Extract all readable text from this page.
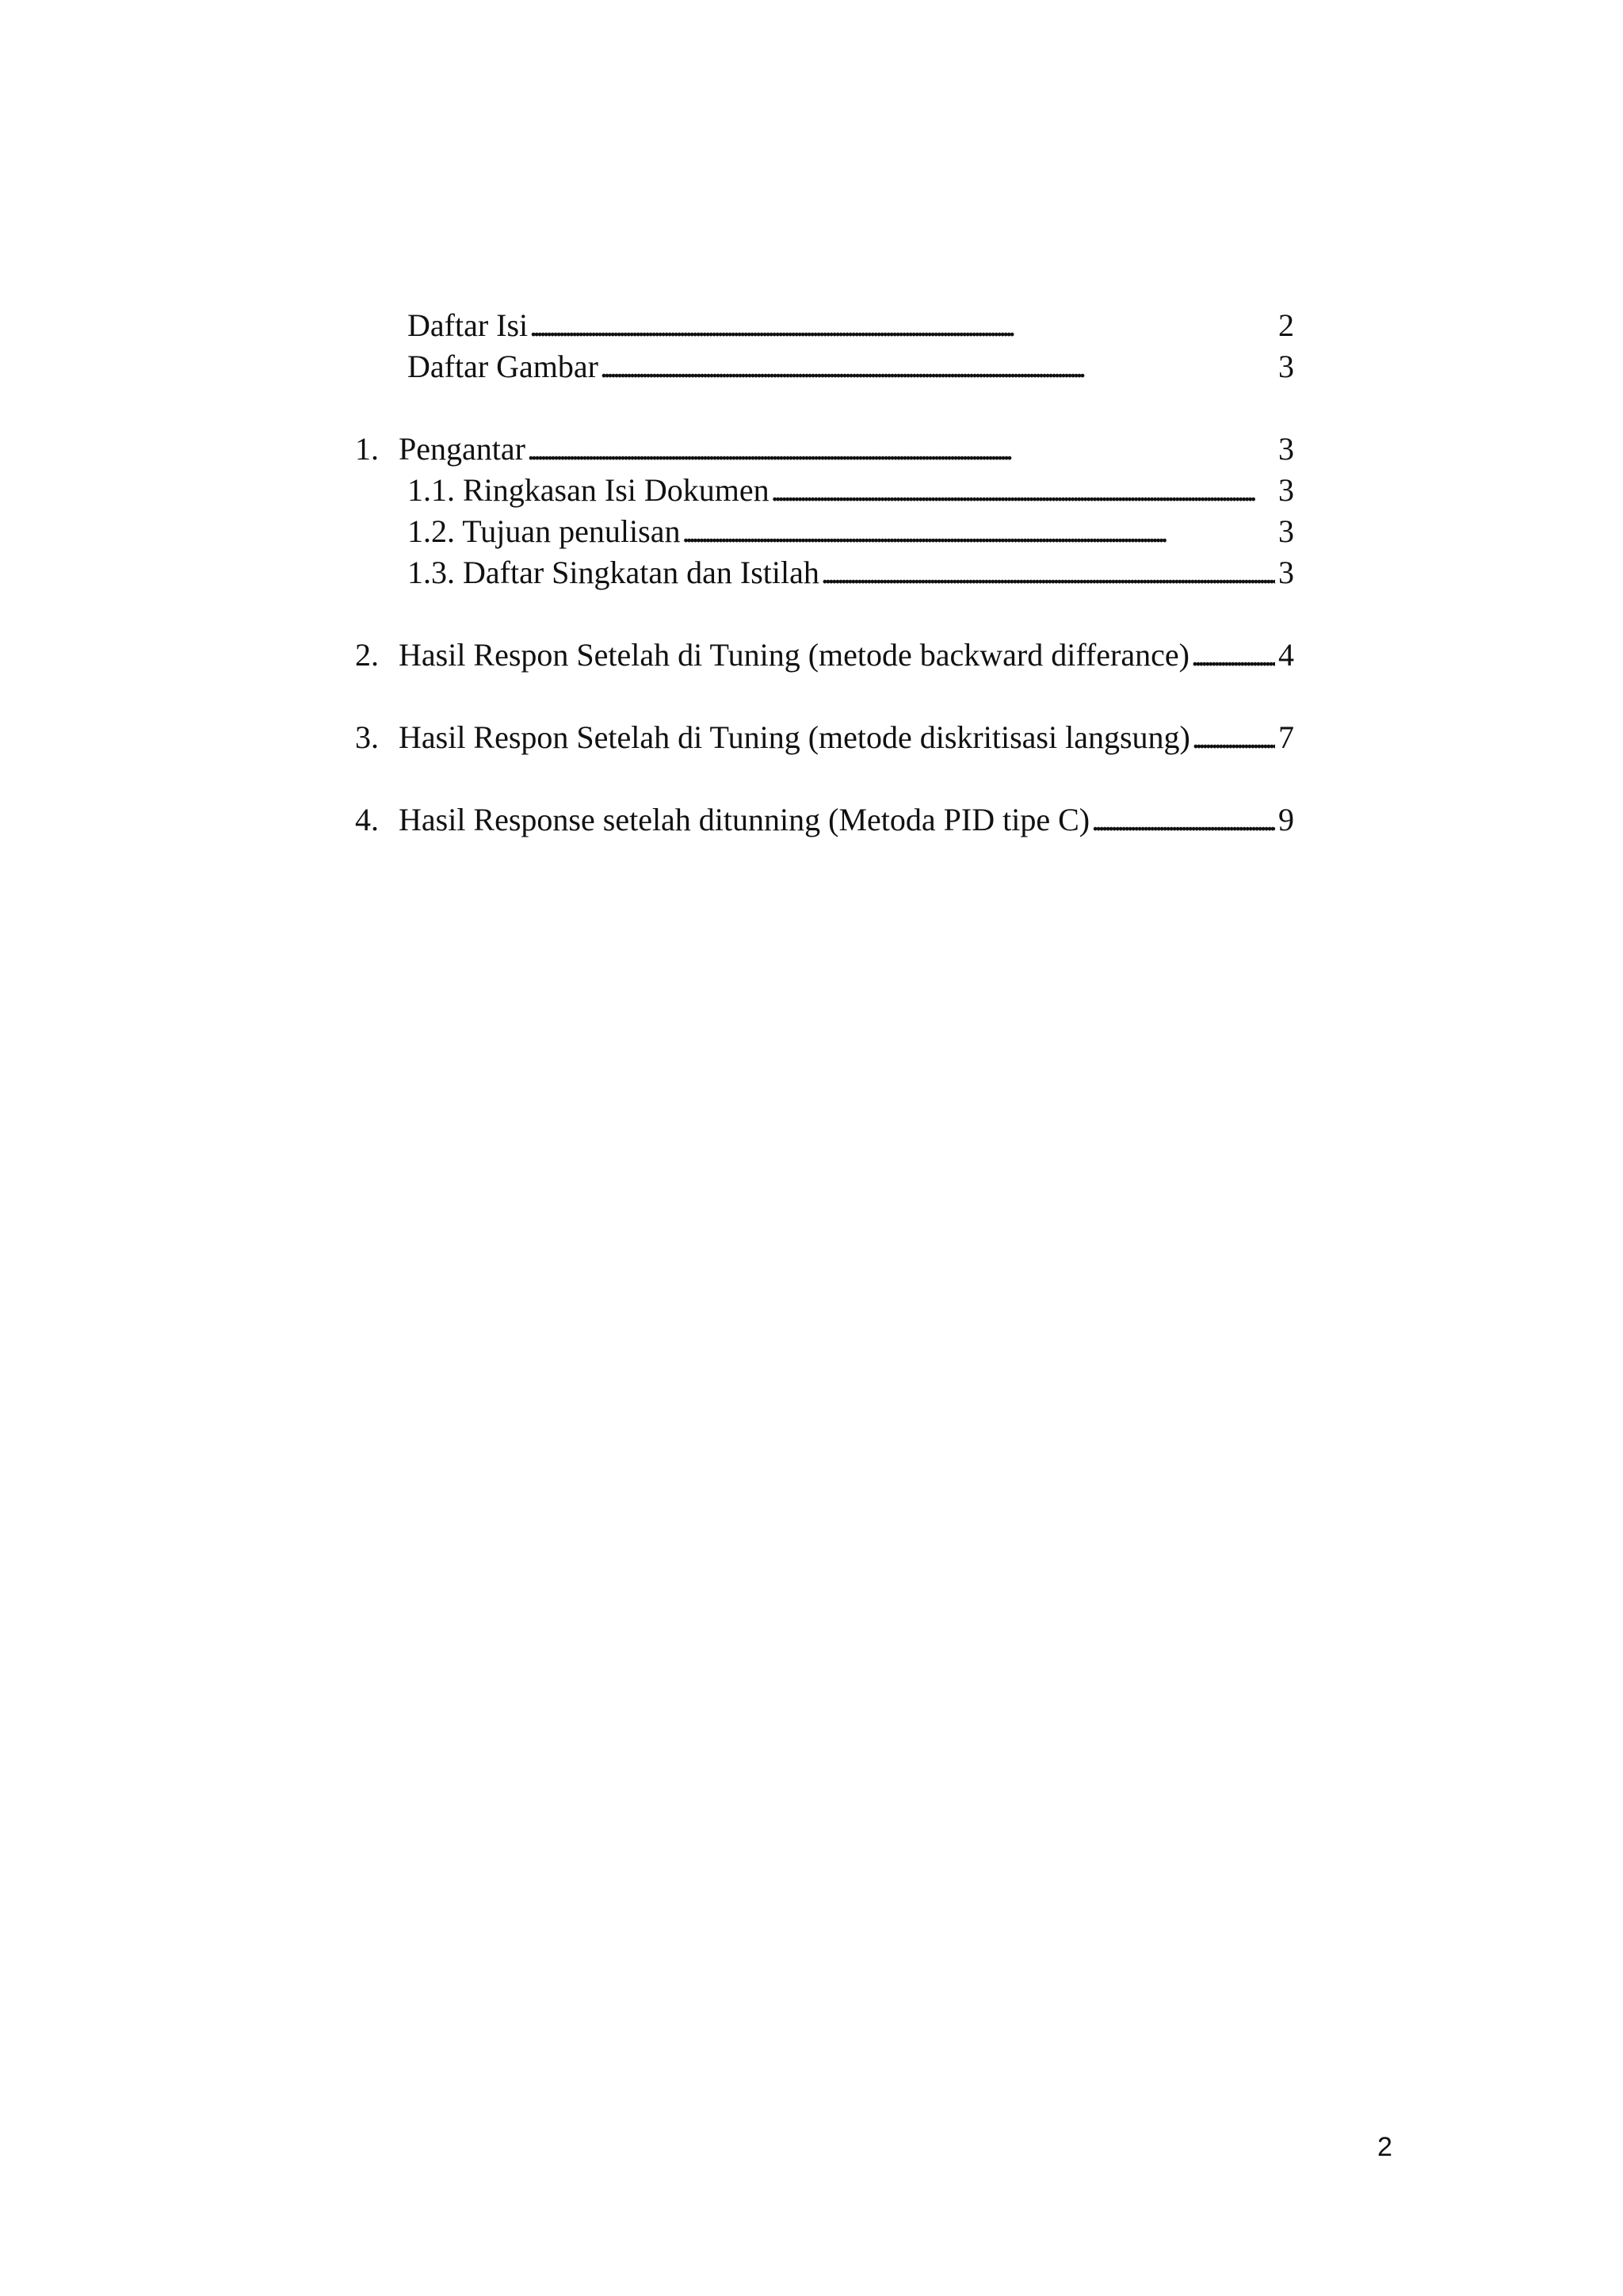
Daftar Isi . . .	2
Daftar Gambar . . .	3
1. Pengantar . . .	3
1.1. Ringkasan Isi Dokumen . . .	3
1.2. Tujuan penulisan . . .	3
1.3. Daftar Singkatan dan Istilah . . .	3
2. Hasil Respon Setelah di Tuning (metode backward differance) . . .	4
3. Hasil Respon Setelah di Tuning (metode diskritisasi langsung) . . .	7
4. Hasil Response setelah ditunning (Metoda PID tipe C) . . .	9
2
